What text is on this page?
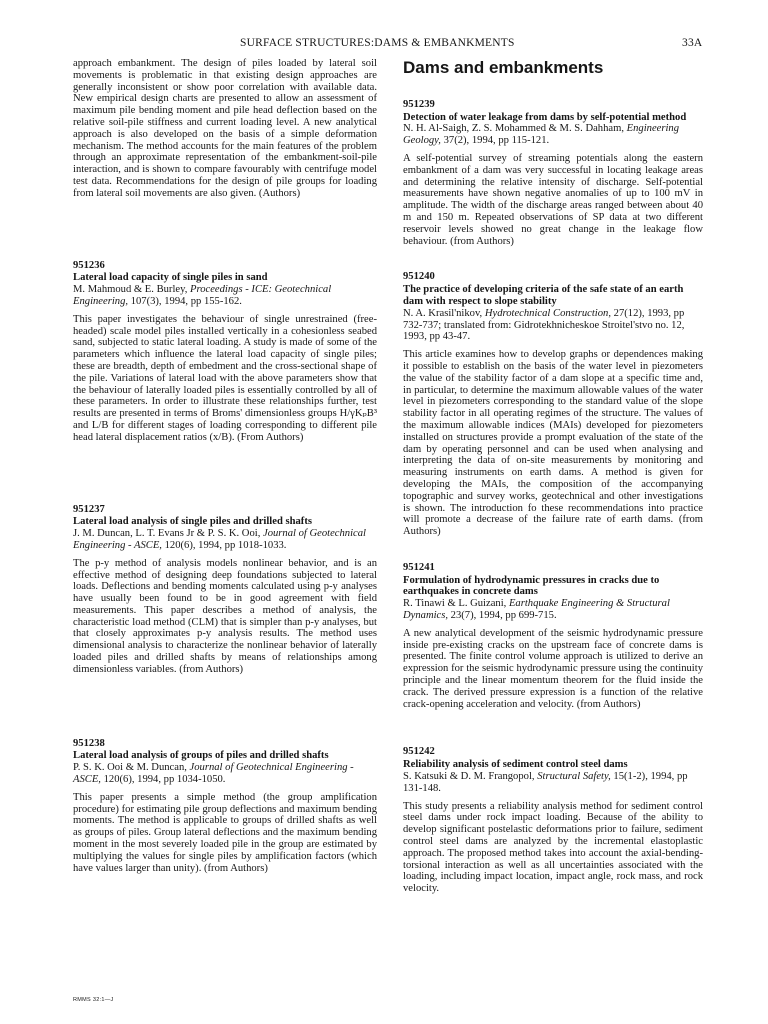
SURFACE STRUCTURES:DAMS & EMBANKMENTS	33A

approach embankment. The design of piles loaded by lateral soil movements is problematic in that existing design approaches are generally inconsistent or show poor correlation with available data. New empirical design charts are presented to allow an assessment of maximum pile bending moment and pile head deflection based on the relative soil-pile stiffness and current loading level. A new analytical approach is also developed on the basis of a simple deformation mechanism. The method accounts for the main features of the problem through an approximate representation of the embankment-soil-pile interaction, and is shown to compare favourably with centrifuge model test data. Recommendations for the design of pile groups for loading from lateral soil movements are also given. (Authors)

951236

Lateral load capacity of single piles in sand

M. Mahmoud & E. Burley, Proceedings - ICE: Geotechnical Engineering, 107(3), 1994, pp 155-162.

This paper investigates the behaviour of single unrestrained (free-headed) scale model piles installed vertically in a cohesionless seabed sand, subjected to static lateral loading. A study is made of some of the parameters which influence the lateral load capacity of single piles; these are breadth, depth of embedment and the cross-sectional shape of the pile. Variations of lateral load with the above parameters show that the behaviour of laterally loaded piles is essentially controlled by all of these parameters. In order to illustrate these relationships further, test results are presented in terms of Broms' dimensionless groups H/γKₚB³ and L/B for different stages of loading corresponding to different pile head lateral displacement ratios (x/B). (From Authors)

951237

Lateral load analysis of single piles and drilled shafts

J. M. Duncan, L. T. Evans Jr & P. S. K. Ooi, Journal of Geotechnical Engineering - ASCE, 120(6), 1994, pp 1018-1033.

The p-y method of analysis models nonlinear behavior, and is an effective method of designing deep foundations subjected to lateral loads. Deflections and bending moments calculated using p-y analyses have usually been found to be in good agreement with field measurements. This paper describes a method of analysis, the characteristic load method (CLM) that is simpler than p-y analyses, but that closely approximates p-y analysis results. The method uses dimensional analysis to characterize the nonlinear behavior of laterally loaded piles and drilled shafts by means of relationships among dimensionless variables. (from Authors)

951238

Lateral load analysis of groups of piles and drilled shafts

P. S. K. Ooi & M. Duncan, Journal of Geotechnical Engineering - ASCE, 120(6), 1994, pp 1034-1050.

This paper presents a simple method (the group amplification procedure) for estimating pile group deflections and maximum bending moments. The method is applicable to groups of drilled shafts as well as groups of piles. Group lateral deflections and the maximum bending moment in the most severely loaded pile in the group are estimated by multiplying the values for single piles by amplification factors (which have values larger than unity). (from Authors)

Dams and embankments

951239

Detection of water leakage from dams by self-potential method

N. H. Al-Saigh, Z. S. Mohammed & M. S. Dahham, Engineering Geology, 37(2), 1994, pp 115-121.

A self-potential survey of streaming potentials along the eastern embankment of a dam was very successful in locating leakage areas and determining the relative intensity of discharge. Self-potential measurements have shown negative anomalies of up to 100 mV in amplitude. The width of the discharge areas ranged between about 40 m and 150 m. Repeated observations of SP data at two different reservoir levels showed no great change in the leakage flow behaviour. (from Authors)

951240

The practice of developing criteria of the safe state of an earth dam with respect to slope stability

N. A. Krasil'nikov, Hydrotechnical Construction, 27(12), 1993, pp 732-737; translated from: Gidrotekhnicheskoe Stroitel'stvo no. 12, 1993, pp 43-47.

This article examines how to develop graphs or dependences making it possible to establish on the basis of the water level in piezometers the value of the stability factor of a dam slope at a specific time and, in particular, to determine the maximum allowable values of the water level in piezometers corresponding to the standard value of the slope stability factor in all operating regimes of the structure. The values of the maximum allowable indices (MAIs) developed for piezometers installed on structures provide a prompt evaluation of the state of the dam by operating personnel and can be used when analysing and interpreting the data of on-site measurements by monitoring and measuring instruments on earth dams. A method is given for developing the MAIs, the composition of the accompanying topographic and survey works, geotechnical and other investigations is shown. The introduction fo these recommendations into practice will promote a decrease of the failure rate of earth dams. (from Authors)

951241

Formulation of hydrodynamic pressures in cracks due to earthquakes in concrete dams

R. Tinawi & L. Guizani, Earthquake Engineering & Structural Dynamics, 23(7), 1994, pp 699-715.

A new analytical development of the seismic hydrodynamic pressure inside pre-existing cracks on the upstream face of concrete dams is presented. The finite control volume approach is utilized to derive an expression for the seismic hydrodynamic pressure using the continuity principle and the linear momentum theorem for the fluid inside the crack. The derived pressure expression is a function of the relative crack-opening acceleration and velocity. (from Authors)

951242

Reliability analysis of sediment control steel dams

S. Katsuki & D. M. Frangopol, Structural Safety, 15(1-2), 1994, pp 131-148.

This study presents a reliability analysis method for sediment control steel dams under rock impact loading. Because of the ability to develop significant postelastic deformations prior to failure, sediment control steel dams are analyzed by the incremental elastoplastic approach. The proposed method takes into account the axial-bending-torsional interaction as well as all uncertainties associated with the loading, including impact location, impact angle, rock mass, and rock velocity.

RMMS 32:1—J
